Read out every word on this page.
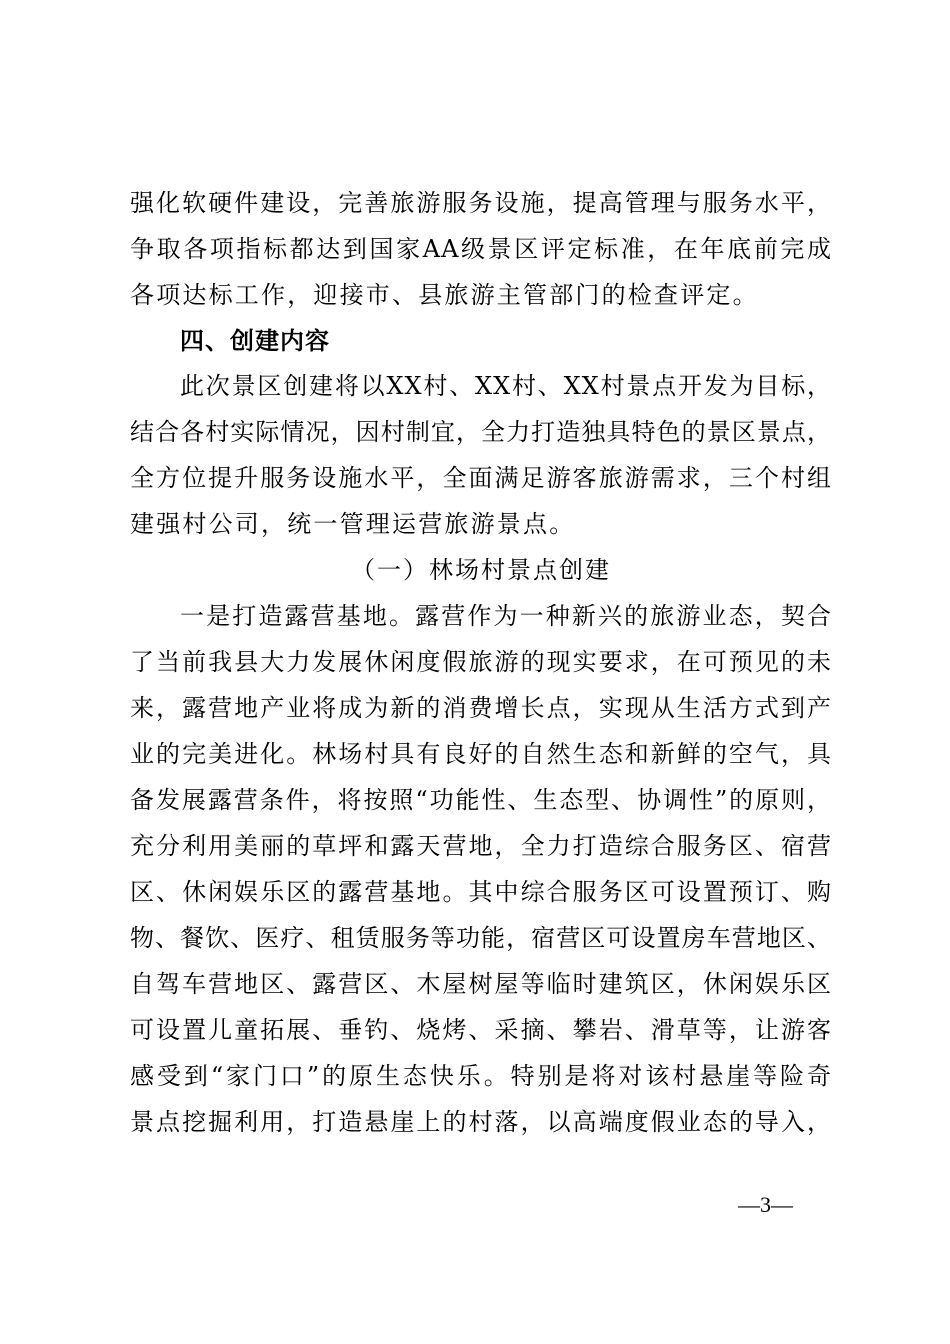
强化软硬件建设，完善旅游服务设施，提高管理与服务水平，
争取各项指标都达到国家AA级景区评定标准，在年底前完成
各项达标工作，迎接市、县旅游主管部门的检查评定。
四、创建内容
此次景区创建将以XX村、XX村、XX村景点开发为目标，
结合各村实际情况，因村制宜，全力打造独具特色的景区景点，
全方位提升服务设施水平，全面满足游客旅游需求，三个村组
建强村公司，统一管理运营旅游景点。
（一）林场村景点创建
一是打造露营基地。露营作为一种新兴的旅游业态，契合
了当前我县大力发展休闲度假旅游的现实要求，在可预见的未
来，露营地产业将成为新的消费增长点，实现从生活方式到产
业的完美进化。林场村具有良好的自然生态和新鲜的空气，具
备发展露营条件，将按照“功能性、生态型、协调性”的原则，
充分利用美丽的草坪和露天营地，全力打造综合服务区、宿营
区、休闲娱乐区的露营基地。其中综合服务区可设置预订、购
物、餐饮、医疗、租赁服务等功能，宿营区可设置房车营地区、
自驾车营地区、露营区、木屋树屋等临时建筑区，休闲娱乐区
可设置儿童拓展、垂钓、烧烤、采摘、攀岩、滑草等，让游客
感受到“家门口”的原生态快乐。特别是将对该村悬崖等险奇
景点挖掘利用，打造悬崖上的村落，以高端度假业态的导入，
—3—
